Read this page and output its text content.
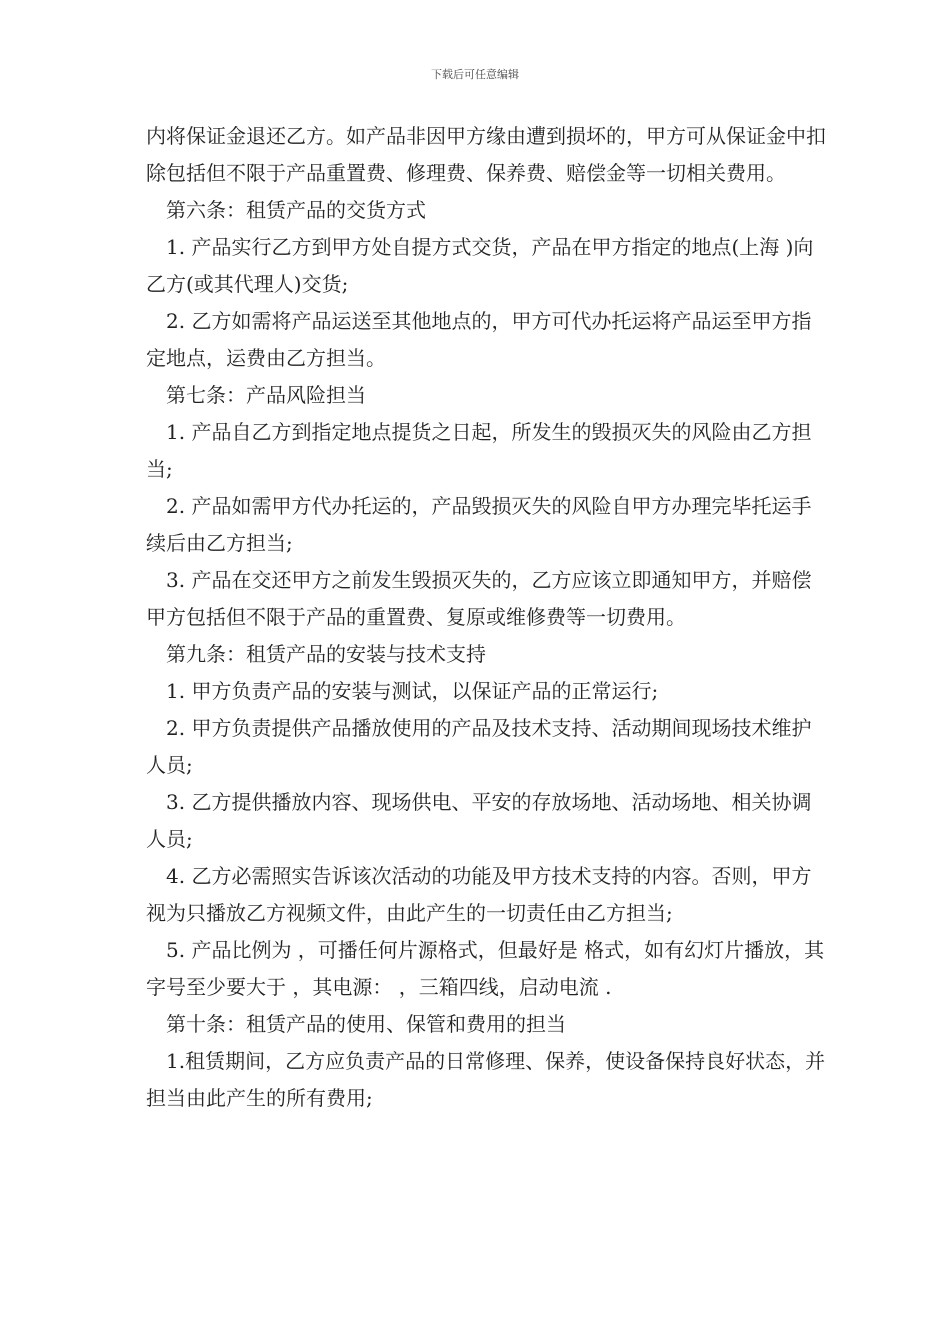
下载后可任意编辑

内将保证金退还乙方。如产品非因甲方缘由遭到损坏的，甲方可从保证金中扣除包括但不限于产品重置费、修理费、保养费、赔偿金等一切相关费用。

第六条：租赁产品的交货方式

1. 产品实行乙方到甲方处自提方式交货，产品在甲方指定的地点(上海 )向乙方(或其代理人)交货;

2. 乙方如需将产品运送至其他地点的，甲方可代办托运将产品运至甲方指定地点，运费由乙方担当。

第七条：产品风险担当

1. 产品自乙方到指定地点提货之日起，所发生的毁损灭失的风险由乙方担当;

2. 产品如需甲方代办托运的，产品毁损灭失的风险自甲方办理完毕托运手续后由乙方担当;

3. 产品在交还甲方之前发生毁损灭失的，乙方应该立即通知甲方，并赔偿甲方包括但不限于产品的重置费、复原或维修费等一切费用。

第九条：租赁产品的安装与技术支持

1. 甲方负责产品的安装与测试，以保证产品的正常运行;

2. 甲方负责提供产品播放使用的产品及技术支持、活动期间现场技术维护人员;

3. 乙方提供播放内容、现场供电、平安的存放场地、活动场地、相关协调人员;

4. 乙方必需照实告诉该次活动的功能及甲方技术支持的内容。否则，甲方视为只播放乙方视频文件，由此产生的一切责任由乙方担当;

5. 产品比例为 ，可播任何片源格式，但最好是 格式，如有幻灯片播放，其字号至少要大于 ，其电源： ，三箱四线，启动电流 .

第十条：租赁产品的使用、保管和费用的担当

1.租赁期间，乙方应负责产品的日常修理、保养，使设备保持良好状态，并担当由此产生的所有费用;
